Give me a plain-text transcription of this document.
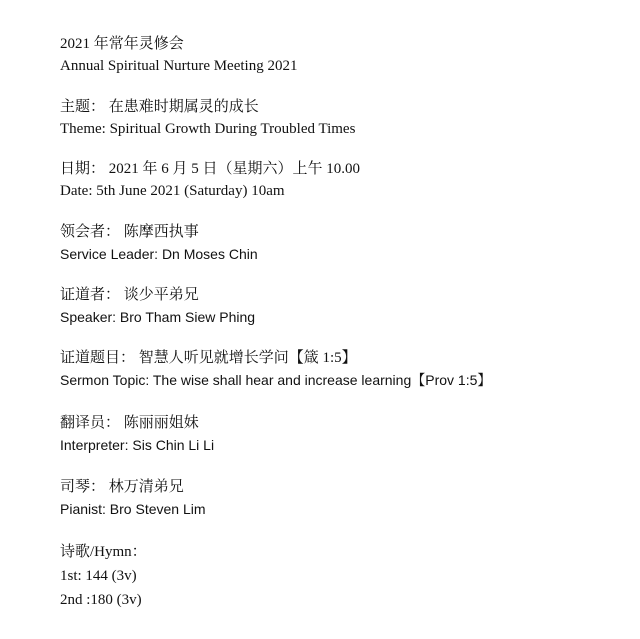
2021 年常年灵修会
Annual Spiritual Nurture Meeting 2021
主题： 在患难时期属灵的成长
Theme: Spiritual Growth During Troubled Times
日期： 2021 年 6 月 5 日（星期六）上午 10.00
Date: 5th June 2021 (Saturday) 10am
领会者： 陈摩西执事
Service Leader: Dn Moses Chin
证道者： 谈少平弟兄
Speaker: Bro Tham Siew Phing
证道题目： 智慧人听见就增长学问【箴 1:5】
Sermon Topic: The wise shall hear and increase learning【Prov 1:5】
翻译员： 陈丽丽姐妹
Interpreter: Sis Chin Li Li
司琴： 林万清弟兄
Pianist: Bro Steven Lim
诗歌/Hymn：
1st: 144 (3v)
2nd :180 (3v)
